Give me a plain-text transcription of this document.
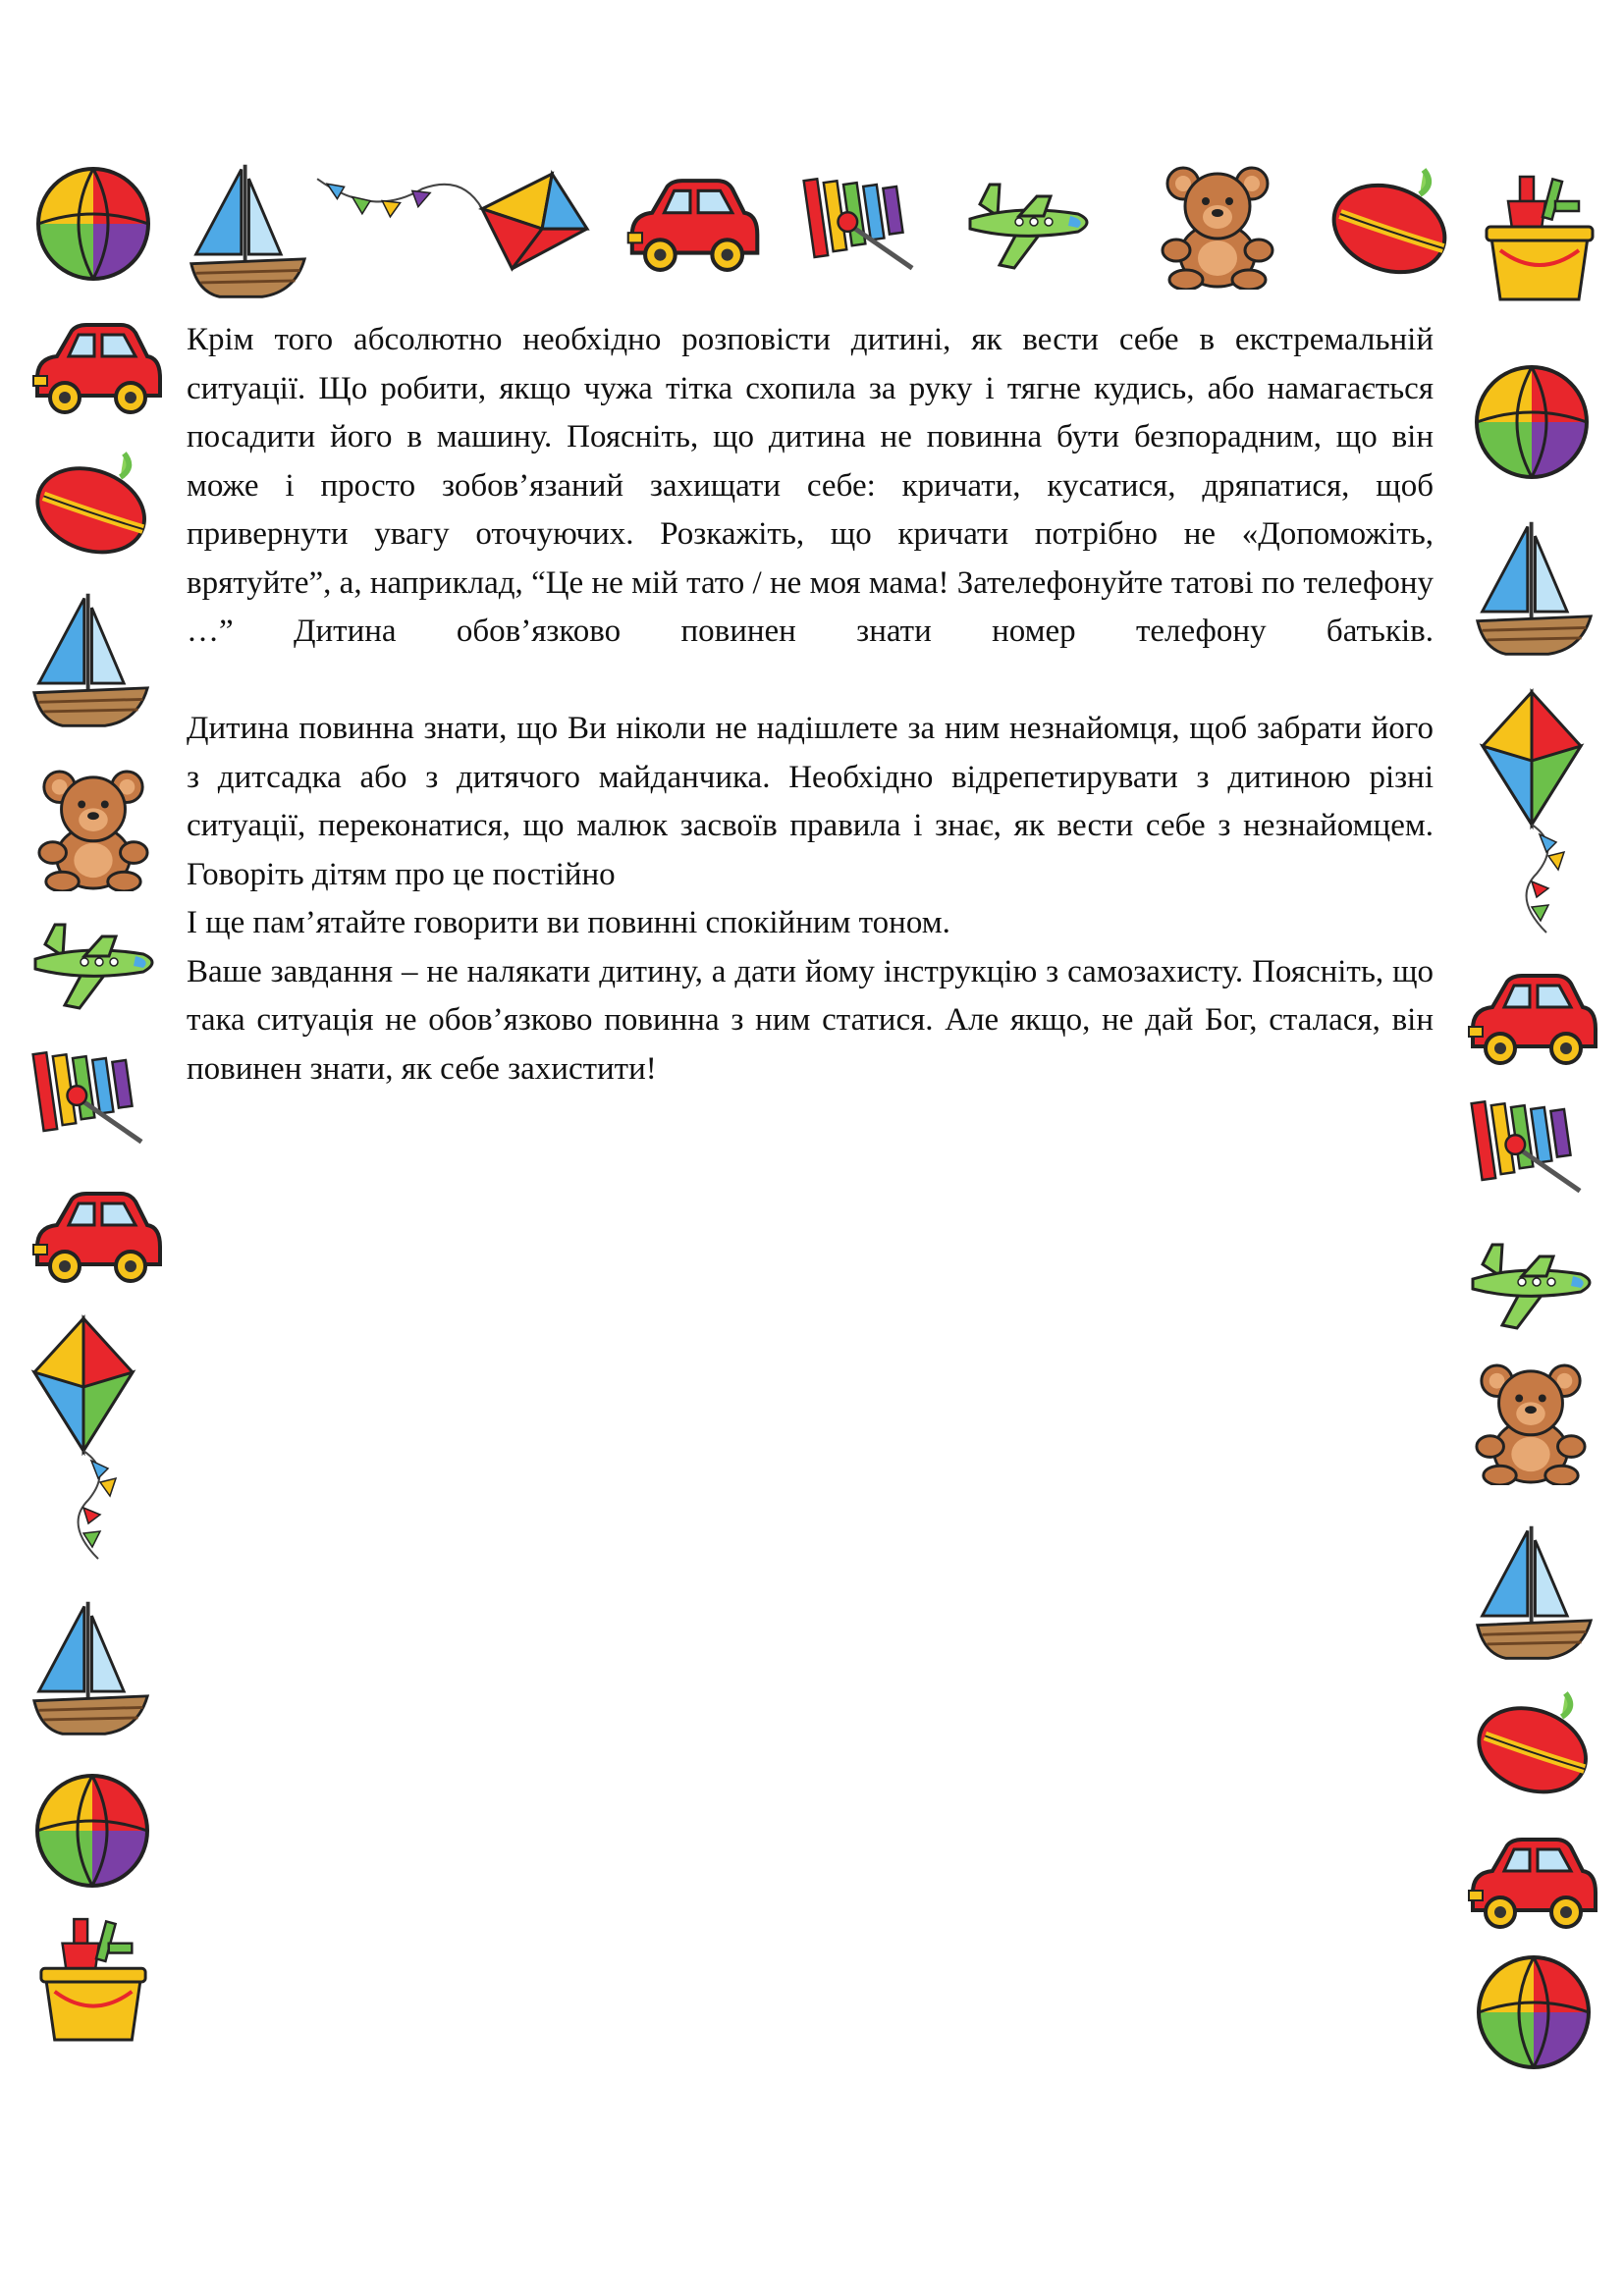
Крім того абсолютно необхідно розповісти дитині, як вести себе в екстремальній ситуації. Що робити, якщо чужа тітка схопила за руку і тягне кудись, або намагається посадити його в машину. Поясніть, що дитина не повинна бути безпорадним, що він може і просто зобов’язаний захищати себе: кричати, кусатися, дряпатися, щоб привернути увагу оточуючих. Розкажіть, що кричати потрібно не «Допоможіть, врятуйте”, а, наприклад, “Це не мій тато / не моя мама! Зателефонуйте татові по телефону …” Дитина обов’язково повинен знати номер телефону батьків.

Дитина повинна знати, що Ви ніколи не надішлете за ним незнайомця, щоб забрати його з дитсадка або з дитячого майданчика. Необхідно відрепетирувати з дитиною різні ситуації, переконатися, що малюк засвоїв правила і знає, як вести себе з незнайомцем. Говоріть дітям про це постійно

І ще пам’ятайте говорити ви повинні спокійним тоном.

Ваше завдання – не налякати дитину, а дати йому інструкцію з самозахисту. Поясніть, що така ситуація не обов’язково повинна з ним статися. Але якщо, не дай Бог, сталася, він повинен знати, як себе захистити!
